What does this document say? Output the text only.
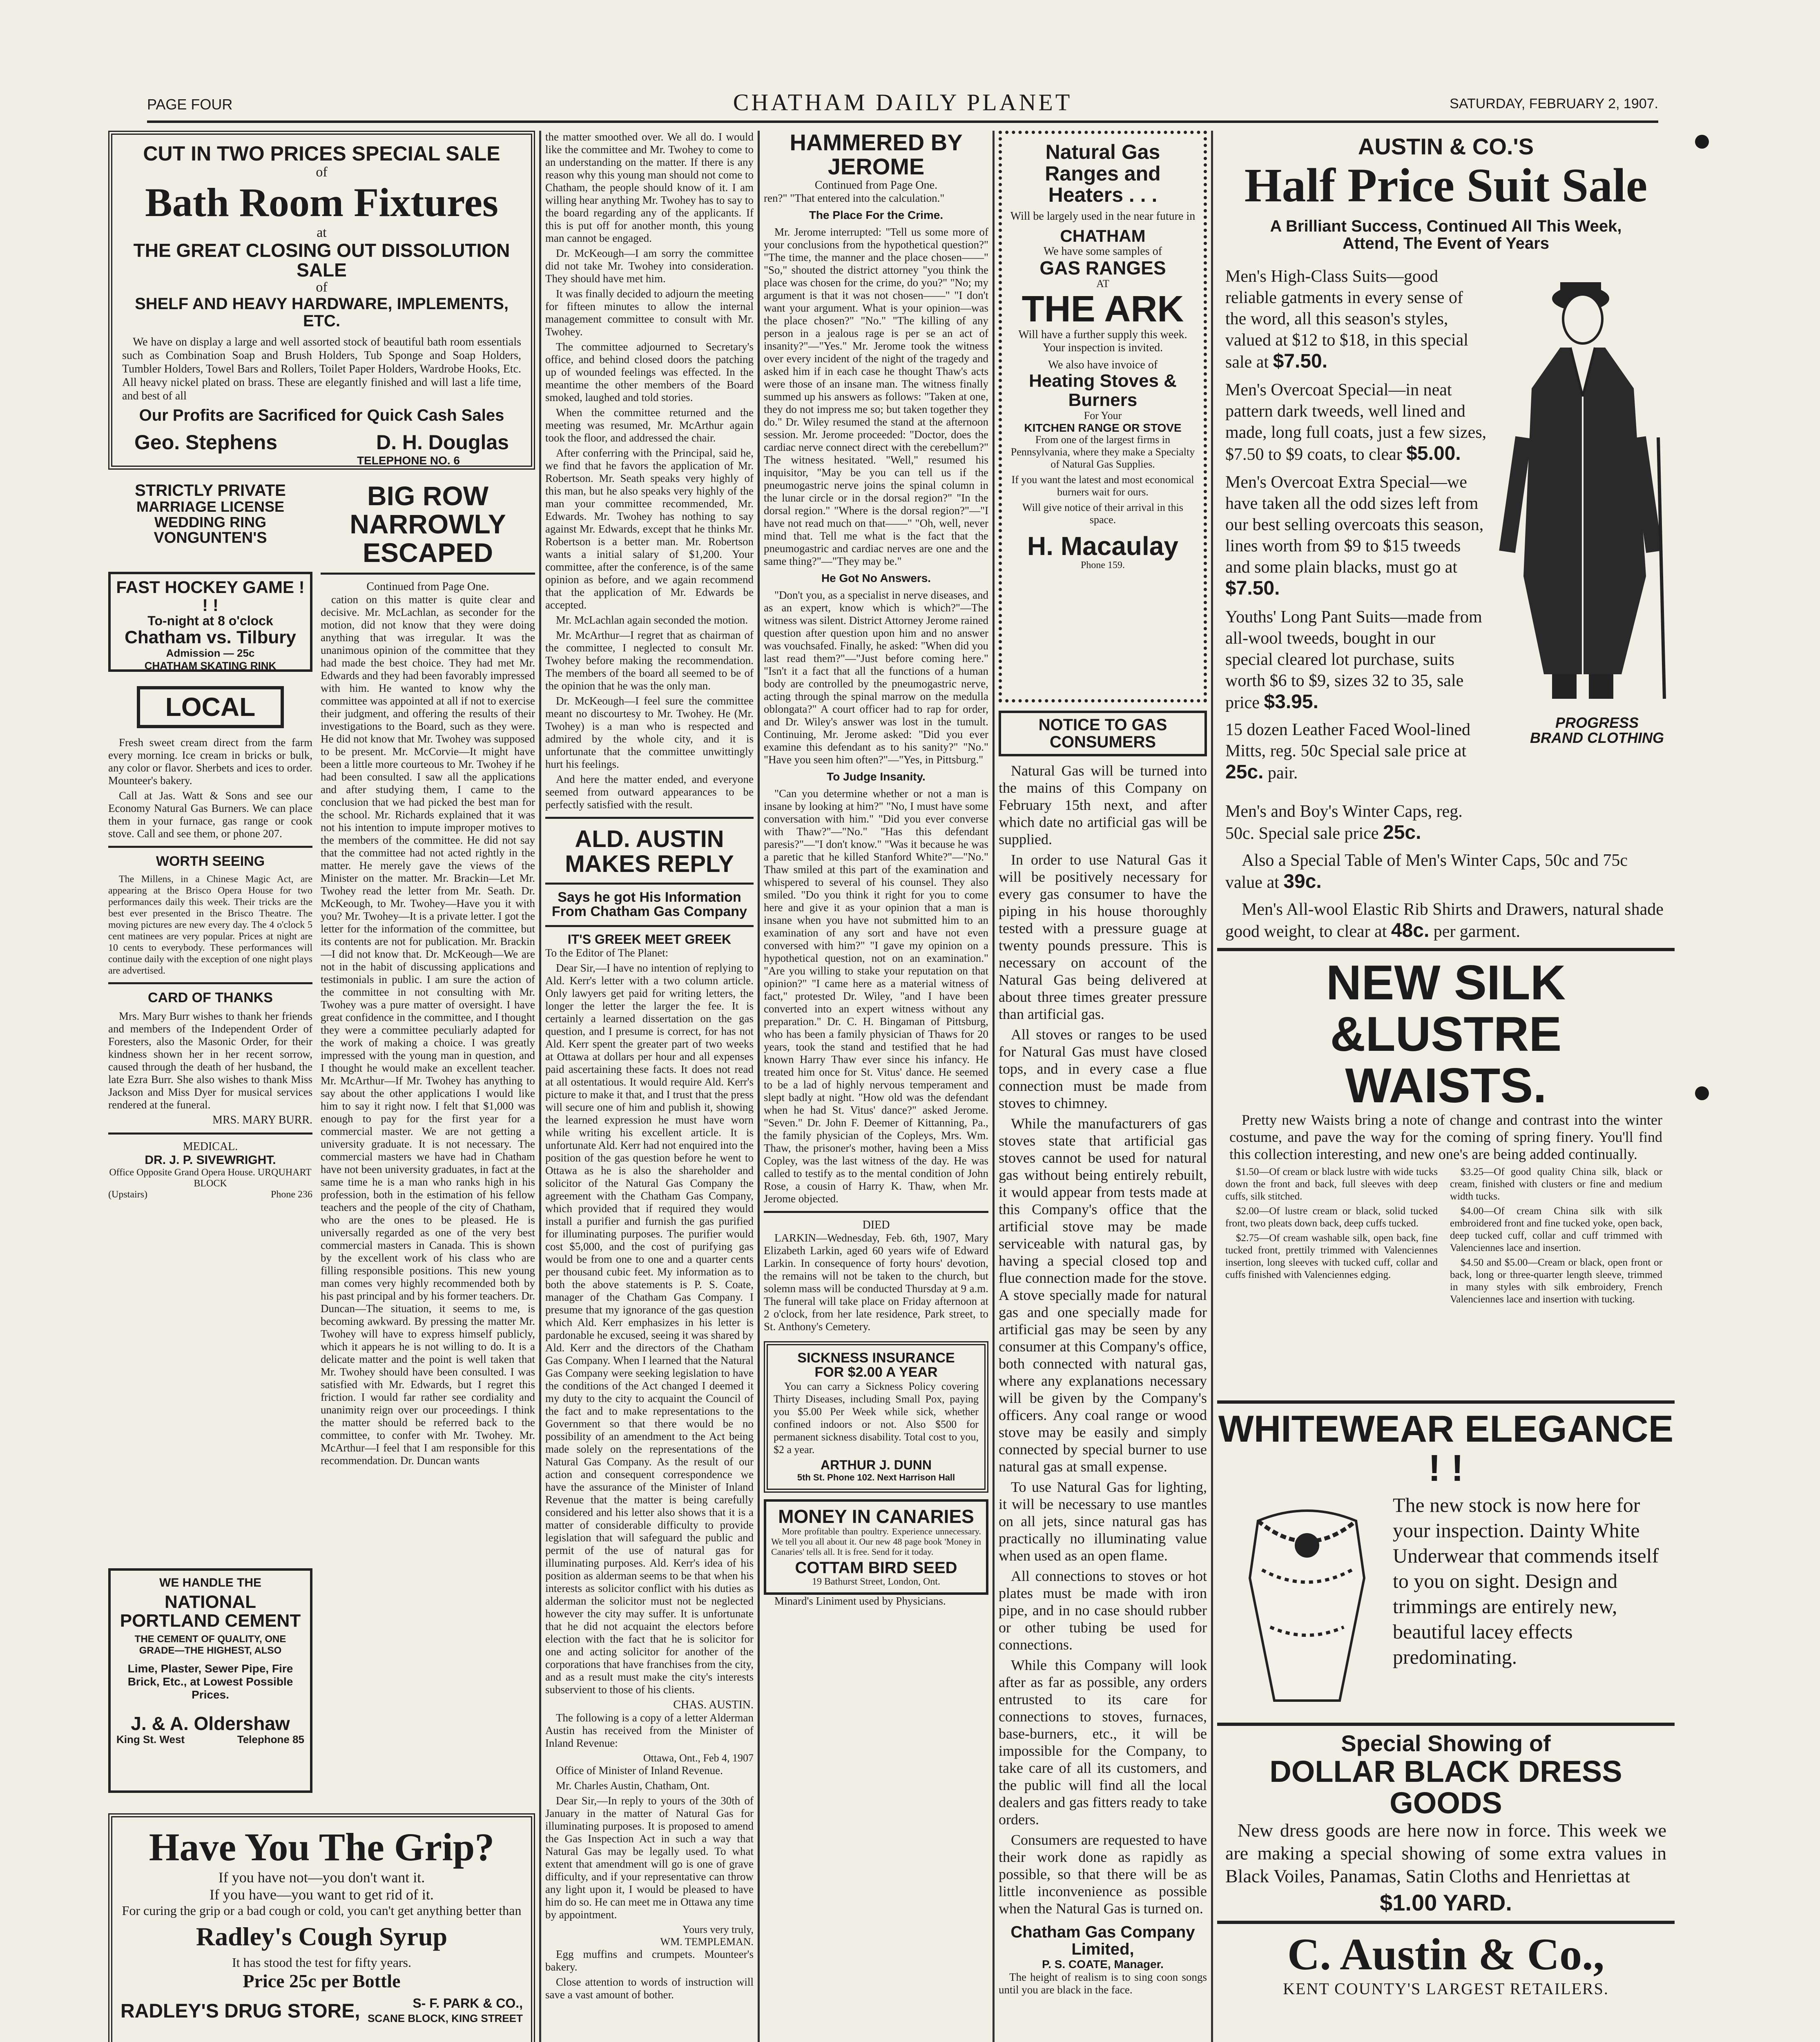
PAGE FOUR	CHATHAM DAILY PLANET	SATURDAY, FEBRUARY 2, 1907.
CUT IN TWO PRICES SPECIAL SALE
of
Bath Room Fixtures
at
THE GREAT CLOSING OUT DISSOLUTION SALE
of
SHELF AND HEAVY HARDWARE, IMPLEMENTS, ETC.

We have on display a large and well assorted stock of beautiful bath room essentials such as Combination Soap and Brush Holders, Tub Sponge and Soap Holders, Tumbler Holders, Towel Bars and Rollers, Toilet Paper Holders, Wardrobe Hooks, Etc. All heavy nickel plated on brass. These are elegantly finished and will last a life time, and best of all

Our Profits are Sacrificed for Quick Cash Sales
Geo. Stephens	D. H. Douglas
TELEPHONE NO. 6
STRICTLY PRIVATE
MARRIAGE LICENSE
WEDDING RING
VONGUNTEN'S
FAST HOCKEY GAME ! ! !
To-night at 8 o'clock
Chatham vs. Tilbury
Admission — 25c
CHATHAM SKATING RINK
LOCAL

Fresh sweet cream direct from the farm every morning. Ice cream in bricks or bulk, any color or flavor. Sherbets and ices to order. Mounteer's bakery.

Call at Jas. Watt & Sons and see our Economy Natural Gas Burners. We can place them in your furnace, gas range or cook stove. Call and see them, or phone 207.

WORTH SEEING

The Millens, in a Chinese Magic Act, are appearing at the Brisco Opera House for two performances daily this week. Their tricks are the best ever presented in the Brisco Theatre. The moving pictures are new every day. The 4 o'clock 5 cent matinees are very popular. Prices at night are 10 cents to everybody. These performances will continue daily with the exception of one night plays are advertised.

CARD OF THANKS

Mrs. Mary Burr wishes to thank her friends and members of the Independent Order of Foresters, also the Masonic Order, for their kindness shown her in her recent sorrow, caused through the death of her husband, the late Ezra Burr. She also wishes to thank Miss Jackson and Miss Dyer for musical services rendered at the funeral.

MRS. MARY BURR.
MEDICAL.
DR. J. P. SIVEWRIGHT.
Office Opposite Grand Opera House. URQUHART BLOCK
(Upstairs)	Phone 236
WE HANDLE THE
NATIONAL PORTLAND CEMENT
THE CEMENT OF QUALITY, ONE GRADE—THE HIGHEST, ALSO
Lime, Plaster, Sewer Pipe, Fire Brick, Etc., at Lowest Possible Prices.
J. & A. Oldershaw
King St. West	Telephone 85
Have You The Grip?
If you have not—you don't want it.
If you have—you want to get rid of it.
For curing the grip or a bad cough or cold, you can't get anything better than
Radley's Cough Syrup
It has stood the test for fifty years.
Price 25c per Bottle
RADLEY'S DRUG STORE,	S- F. PARK & CO.,
SCANE BLOCK, KING STREET
BIG ROW NARROWLY ESCAPED
Continued from Page One.

cation on this matter is quite clear and decisive. Mr. McLachlan, as seconder for the motion, did not know that they were doing anything that was irregular. It was the unanimous opinion of the committee that they had made the best choice. They had met Mr. Edwards and they had been favorably impressed with him. He wanted to know why the committee was appointed at all if not to exercise their judgment, and offering the results of their investigations to the Board, such as they were. He did not know that Mr. Twohey was supposed to be present. Mr. McCorvie—It might have been a little more courteous to Mr. Twohey if he had been consulted. I saw all the applications and after studying them, I came to the conclusion that we had picked the best man for the school. Mr. Richards explained that it was not his intention to impute improper motives to the members of the committee. He did not say that the committee had not acted rightly in the matter. He merely gave the views of the Minister on the matter. Mr. Brackin—Let Mr. Twohey read the letter from Mr. Seath. Dr. McKeough, to Mr. Twohey—Have you it with you? Mr. Twohey—It is a private letter. I got the letter for the information of the committee, but its contents are not for publication. Mr. Brackin—I did not know that. Dr. McKeough—We are not in the habit of discussing applications and testimonials in public. I am sure the action of the committee in not consulting with Mr. Twohey was a pure matter of oversight. I have great confidence in the committee, and I thought they were a committee peculiarly adapted for the work of making a choice. I was greatly impressed with the young man in question, and I thought he would make an excellent teacher. Mr. McArthur—If Mr. Twohey has anything to say about the other applications I would like him to say it right now. I felt that $1,000 was enough to pay for the first year for a commercial master. We are not getting a university graduate. It is not necessary. The commercial masters we have had in Chatham have not been university graduates, in fact at the same time he is a man who ranks high in his profession, both in the estimation of his fellow teachers and the people of the city of Chatham, who are the ones to be pleased. He is universally regarded as one of the very best commercial masters in Canada. This is shown by the excellent work of his class who are filling responsible positions. This new young man comes very highly recommended both by his past principal and by his former teachers. Dr. Duncan—The situation, it seems to me, is becoming awkward. By pressing the matter Mr. Twohey will have to express himself publicly, which it appears he is not willing to do. It is a delicate matter and the point is well taken that Mr. Twohey should have been consulted. I was satisfied with Mr. Edwards, but I regret this friction. I would far rather see cordiality and unanimity reign over our proceedings. I think the matter should be referred back to the committee, to confer with Mr. Twohey. Mr. McArthur—I feel that I am responsible for this recommendation. Dr. Duncan wants

the matter smoothed over. We all do. I would like the committee and Mr. Twohey to come to an understanding on the matter. If there is any reason why this young man should not come to Chatham, the people should know of it. I am willing hear anything Mr. Twohey has to say to the board regarding any of the applicants. If this is put off for another month, this young man cannot be engaged.

Dr. McKeough—I am sorry the committee did not take Mr. Twohey into consideration. They should have met him.

It was finally decided to adjourn the meeting for fifteen minutes to allow the internal management committee to consult with Mr. Twohey.

The committee adjourned to Secretary's office, and behind closed doors the patching up of wounded feelings was effected. In the meantime the other members of the Board smoked, laughed and told stories.

When the committee returned and the meeting was resumed, Mr. McArthur again took the floor, and addressed the chair.

After conferring with the Principal, said he, we find that he favors the application of Mr. Robertson. Mr. Seath speaks very highly of this man, but he also speaks very highly of the man your committee recommended, Mr. Edwards. Mr. Twohey has nothing to say against Mr. Edwards, except that he thinks Mr. Robertson is a better man. Mr. Robertson wants a initial salary of $1,200. Your committee, after the conference, is of the same opinion as before, and we again recommend that the application of Mr. Edwards be accepted.

Mr. McLachlan again seconded the motion.

Mr. McArthur—I regret that as chairman of the committee, I neglected to consult Mr. Twohey before making the recommendation. The members of the board all seemed to be of the opinion that he was the only man.

Dr. McKeough—I feel sure the committee meant no discourtesy to Mr. Twohey. He (Mr. Twohey) is a man who is respected and admired by the whole city, and it is unfortunate that the committee unwittingly hurt his feelings.

And here the matter ended, and everyone seemed from outward appearances to be perfectly satisfied with the result.

ALD. AUSTIN
MAKES REPLY
Says he got His Information From Chatham Gas Company
IT'S GREEK MEET GREEK

To the Editor of The Planet:

Dear Sir,—I have no intention of replying to Ald. Kerr's letter with a two column article. Only lawyers get paid for writing letters, the longer the letter the larger the fee. It is certainly a learned dissertation on the gas question, and I presume is correct, for has not Ald. Kerr spent the greater part of two weeks at Ottawa at dollars per hour and all expenses paid ascertaining these facts. It does not read at all ostentatious. It would require Ald. Kerr's picture to make it that, and I trust that the press will secure one of him and publish it, showing the learned expression he must have worn while writing his excellent article. It is unfortunate Ald. Kerr had not enquired into the position of the gas question before he went to Ottawa as he is also the shareholder and solicitor of the Natural Gas Company the agreement with the Chatham Gas Company, which provided that if required they would install a purifier and furnish the gas purified for illuminating purposes. The purifier would cost $5,000, and the cost of purifying gas would be from one to one and a quarter cents per thousand cubic feet. My information as to both the above statements is P. S. Coate, manager of the Chatham Gas Company. I presume that my ignorance of the gas question which Ald. Kerr emphasizes in his letter is pardonable he excused, seeing it was shared by Ald. Kerr and the directors of the Chatham Gas Company. When I learned that the Natural Gas Company were seeking legislation to have the conditions of the Act changed I deemed it my duty to the city to acquaint the Council of the fact and to make representations to the Government so that there would be no possibility of an amendment to the Act being made solely on the representations of the Natural Gas Company. As the result of our action and consequent correspondence we have the assurance of the Minister of Inland Revenue that the matter is being carefully considered and his letter also shows that it is a matter of considerable difficulty to provide legislation that will safeguard the public and permit of the use of natural gas for illuminating purposes. Ald. Kerr's idea of his position as alderman seems to be that when his interests as solicitor conflict with his duties as alderman the solicitor must not be neglected however the city may suffer. It is unfortunate that he did not acquaint the electors before election with the fact that he is solicitor for one and acting solicitor for another of the corporations that have franchises from the city, and as a result must make the city's interests subservient to those of his clients.

CHAS. AUSTIN.

The following is a copy of a letter Alderman Austin has received from the Minister of Inland Revenue:

Ottawa, Ont., Feb 4, 1907

Office of Minister of Inland Revenue.

Mr. Charles Austin, Chatham, Ont.

Dear Sir,—In reply to yours of the 30th of January in the matter of Natural Gas for illuminating purposes. It is proposed to amend the Gas Inspection Act in such a way that Natural Gas may be legally used. To what extent that amendment will go is one of grave difficulty, and if your representative can throw any light upon it, I would be pleased to have him do so. He can meet me in Ottawa any time by appointment.

Yours very truly,
WM. TEMPLEMAN.

Egg muffins and crumpets. Mounteer's bakery.

Close attention to words of instruction will save a vast amount of bother.

HAMMERED BY JEROME
Continued from Page One.

ren?" "That entered into the calculation."

The Place For the Crime.

Mr. Jerome interrupted: "Tell us some more of your conclusions from the hypothetical question?" "The time, the manner and the place chosen——" "So," shouted the district attorney "you think the place was chosen for the crime, do you?" "No; my argument is that it was not chosen——" "I don't want your argument. What is your opinion—was the place chosen?" "No." "The killing of any person in a jealous rage is per se an act of insanity?"—"Yes." Mr. Jerome took the witness over every incident of the night of the tragedy and asked him if in each case he thought Thaw's acts were those of an insane man. The witness finally summed up his answers as follows: "Taken at one, they do not impress me so; but taken together they do." Dr. Wiley resumed the stand at the afternoon session. Mr. Jerome proceeded: "Doctor, does the cardiac nerve connect direct with the cerebellum?" The witness hesitated. "Well," resumed his inquisitor, "May be you can tell us if the pneumogastric nerve joins the spinal column in the lunar circle or in the dorsal region?" "In the dorsal region." "Where is the dorsal region?"—"I have not read much on that——" "Oh, well, never mind that. Tell me what is the fact that the pneumogastric and cardiac nerves are one and the same thing?"—"They may be."

He Got No Answers.

"Don't you, as a specialist in nerve diseases, and as an expert, know which is which?"—The witness was silent. District Attorney Jerome rained question after question upon him and no answer was vouchsafed. Finally, he asked: "When did you last read them?"—"Just before coming here." "Isn't it a fact that all the functions of a human body are controlled by the pneumogastric nerve, acting through the spinal marrow on the medulla oblongata?" A court officer had to rap for order, and Dr. Wiley's answer was lost in the tumult. Continuing, Mr. Jerome asked: "Did you ever examine this defendant as to his sanity?" "No." "Have you seen him often?"—"Yes, in Pittsburg."

To Judge Insanity.

"Can you determine whether or not a man is insane by looking at him?" "No, I must have some conversation with him." "Did you ever converse with Thaw?"—"No." "Has this defendant paresis?"—"I don't know." "Was it because he was a paretic that he killed Stanford White?"—"No." Thaw smiled at this part of the examination and whispered to several of his counsel. They also smiled. "Do you think it right for you to come here and give it as your opinion that a man is insane when you have not submitted him to an examination of any sort and have not even conversed with him?" "I gave my opinion on a hypothetical question, not on an examination." "Are you willing to stake your reputation on that opinion?" "I came here as a material witness of fact," protested Dr. Wiley, "and I have been converted into an expert witness without any preparation." Dr. C. H. Bingaman of Pittsburg, who has been a family physician of Thaws for 20 years, took the stand and testified that he had known Harry Thaw ever since his infancy. He treated him once for St. Vitus' dance. He seemed to be a lad of highly nervous temperament and slept badly at night. "How old was the defendant when he had St. Vitus' dance?" asked Jerome. "Seven." Dr. John F. Deemer of Kittanning, Pa., the family physician of the Copleys, Mrs. Wm. Thaw, the prisoner's mother, having been a Miss Copley, was the last witness of the day. He was called to testify as to the mental condition of John Rose, a cousin of Harry K. Thaw, when Mr. Jerome objected.

DIED

LARKIN—Wednesday, Feb. 6th, 1907, Mary Elizabeth Larkin, aged 60 years wife of Edward Larkin. In consequence of forty hours' devotion, the remains will not be taken to the church, but solemn mass will be conducted Thursday at 9 a.m. The funeral will take place on Friday afternoon at 2 o'clock, from her late residence, Park street, to St. Anthony's Cemetery.

SICKNESS INSURANCE
FOR $2.00 A YEAR

You can carry a Sickness Policy covering Thirty Diseases, including Small Pox, paying you $5.00 Per Week while sick, whether confined indoors or not. Also $500 for permanent sickness disability. Total cost to you, $2 a year.

ARTHUR J. DUNN
5th St. Phone 102. Next Harrison Hall
MONEY IN CANARIES

More profitable than poultry. Experience unnecessary. We tell you all about it. Our new 48 page book 'Money in Canaries' tells all. It is free. Send for it today.

COTTAM BIRD SEED
19 Bathurst Street, London, Ont.

Minard's Liniment used by Physicians.

Natural Gas Ranges and Heaters . . .
Will be largely used in the near future in
CHATHAM
We have some samples of
GAS RANGES
AT
THE ARK
Will have a further supply this week. Your inspection is invited.
We also have invoice of
Heating Stoves & Burners
For Your
KITCHEN RANGE OR STOVE
From one of the largest firms in Pennsylvania, where they make a Specialty of Natural Gas Supplies.
If you want the latest and most economical burners wait for ours.
Will give notice of their arrival in this space.
H. Macaulay
Phone 159.
NOTICE TO GAS CONSUMERS

Natural Gas will be turned into the mains of this Company on February 15th next, and after which date no artificial gas will be supplied.

In order to use Natural Gas it will be positively necessary for every gas consumer to have the piping in his house thoroughly tested with a pressure guage at twenty pounds pressure. This is necessary on account of the Natural Gas being delivered at about three times greater pressure than artificial gas.

All stoves or ranges to be used for Natural Gas must have closed tops, and in every case a flue connection must be made from stoves to chimney.

While the manufacturers of gas stoves state that artificial gas stoves cannot be used for natural gas without being entirely rebuilt, it would appear from tests made at this Company's office that the artificial stove may be made serviceable with natural gas, by having a special closed top and flue connection made for the stove. A stove specially made for natural gas and one specially made for artificial gas may be seen by any consumer at this Company's office, both connected with natural gas, where any explanations necessary will be given by the Company's officers. Any coal range or wood stove may be easily and simply connected by special burner to use natural gas at small expense.

To use Natural Gas for lighting, it will be necessary to use mantles on all jets, since natural gas has practically no illuminating value when used as an open flame.

All connections to stoves or hot plates must be made with iron pipe, and in no case should rubber or other tubing be used for connections.

While this Company will look after as far as possible, any orders entrusted to its care for connections to stoves, furnaces, base-burners, etc., it will be impossible for the Company, to take care of all its customers, and the public will find all the local dealers and gas fitters ready to take orders.

Consumers are requested to have their work done as rapidly as possible, so that there will be as little inconvenience as possible when the Natural Gas is turned on.

Chatham Gas Company Limited,
P. S. COATE, Manager.

The height of realism is to sing coon songs until you are black in the face.

AUSTIN & CO.'S
Half Price Suit Sale
A Brilliant Success, Continued All This Week, Attend, The Event of Years
Men's High-Class Suits—good reliable gatments in every sense of the word, all this season's styles, valued at $12 to $18, in this special sale at $7.50.
Men's Overcoat Special—in neat pattern dark tweeds, well lined and made, long full coats, just a few sizes, $7.50 to $9 coats, to clear $5.00.
Men's Overcoat Extra Special—we have taken all the odd sizes left from our best selling overcoats this season, lines worth from $9 to $15 tweeds and some plain blacks, must go at $7.50.
Youths' Long Pant Suits—made from all-wool tweeds, bought in our special cleared lot purchase, suits worth $6 to $9, sizes 32 to 35, sale price $3.95.
PROGRESS BRAND CLOTHING
15 dozen Leather Faced Wool-lined Mitts, reg. 50c Special sale price at 25c. pair.
Men's and Boy's Winter Caps, reg. 50c. Special sale price 25c.
Also a Special Table of Men's Winter Caps, 50c and 75c value at 39c.
Men's All-wool Elastic Rib Shirts and Drawers, natural shade good weight, to clear at 48c. per garment.
NEW SILK &LUSTRE
WAISTS.

Pretty new Waists bring a note of change and contrast into the winter costume, and pave the way for the coming of spring finery. You'll find this collection interesting, and new one's are being added continually.

$1.50—Of cream or black lustre with wide tucks down the front and back, full sleeves with deep cuffs, silk stitched.

$2.00—Of lustre cream or black, solid tucked front, two pleats down back, deep cuffs tucked.

$2.75—Of cream washable silk, open back, fine tucked front, prettily trimmed with Valenciennes insertion, long sleeves with tucked cuff, collar and cuffs finished with Valenciennes edging.

$3.25—Of good quality China silk, black or cream, finished with clusters or fine and medium width tucks.

$4.00—Of cream China silk with silk embroidered front and fine tucked yoke, open back, deep tucked cuff, collar and cuff trimmed with Valenciennes lace and insertion.

$4.50 and $5.00—Cream or black, open front or back, long or three-quarter length sleeve, trimmed in many styles with silk embroidery, French Valenciennes lace and insertion with tucking.

WHITEWEAR ELEGANCE ! !

The new stock is now here for your inspection. Dainty White Underwear that commends itself to you on sight. Design and trimmings are entirely new, beautiful lacey effects predominating.

Special Showing of
DOLLAR BLACK DRESS GOODS

New dress goods are here now in force. This week we are making a special showing of some extra values in Black Voiles, Panamas, Satin Cloths and Henriettas at

$1.00 YARD.
C. Austin & Co.,
KENT COUNTY'S LARGEST RETAILERS.
